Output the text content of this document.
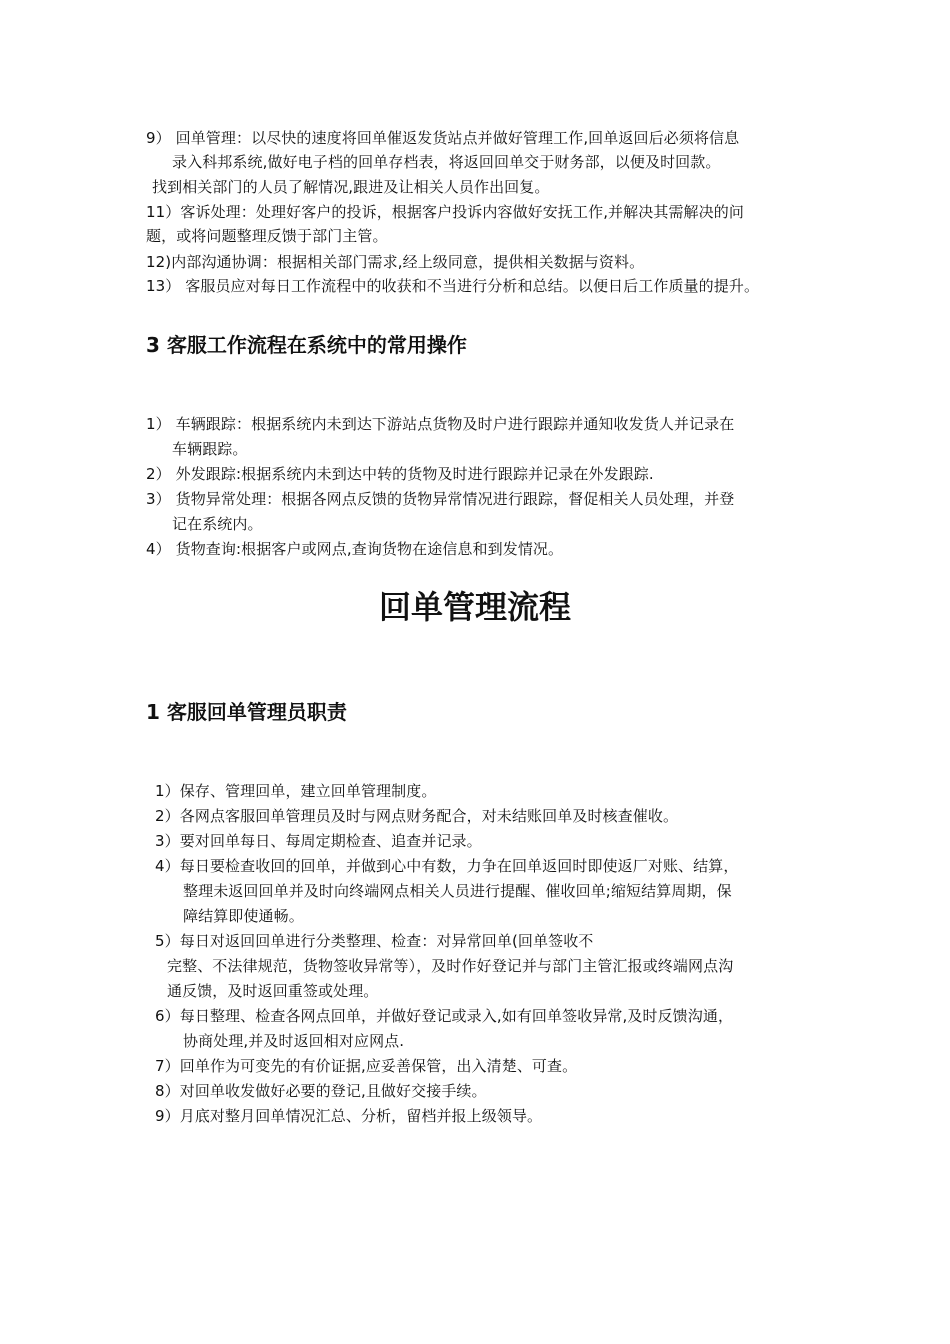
9） 回单管理：以尽快的速度将回单催返发货站点并做好管理工作,回单返回后必须将信息
录入科邦系统,做好电子档的回单存档表，将返回回单交于财务部，以便及时回款。
找到相关部门的人员了解情况,跟进及让相关人员作出回复。
11）客诉处理：处理好客户的投诉，根据客户投诉内容做好安抚工作,并解决其需解决的问
题，或将问题整理反馈于部门主管。
12)内部沟通协调：根据相关部门需求,经上级同意，提供相关数据与资料。
13） 客服员应对每日工作流程中的收获和不当进行分析和总结。以便日后工作质量的提升。
3 客服工作流程在系统中的常用操作
1） 车辆跟踪：根据系统内未到达下游站点货物及时户进行跟踪并通知收发货人并记录在
车辆跟踪。
2） 外发跟踪:根据系统内未到达中转的货物及时进行跟踪并记录在外发跟踪.
3） 货物异常处理：根据各网点反馈的货物异常情况进行跟踪，督促相关人员处理，并登
记在系统内。
4） 货物查询:根据客户或网点,查询货物在途信息和到发情况。
回单管理流程
1 客服回单管理员职责
1）保存、管理回单，建立回单管理制度。
2）各网点客服回单管理员及时与网点财务配合，对未结账回单及时核查催收。
3）要对回单每日、每周定期检查、追查并记录。
4）每日要检查收回的回单，并做到心中有数，力争在回单返回时即使返厂对账、结算，
整理未返回回单并及时向终端网点相关人员进行提醒、催收回单;缩短结算周期，保
障结算即使通畅。
5）每日对返回回单进行分类整理、检查：对异常回单(回单签收不
完整、不法律规范，货物签收异常等），及时作好登记并与部门主管汇报或终端网点沟
通反馈，及时返回重签或处理。
6）每日整理、检查各网点回单，并做好登记或录入,如有回单签收异常,及时反馈沟通，
协商处理,并及时返回相对应网点.
7）回单作为可变先的有价证据,应妥善保管，出入清楚、可查。
8）对回单收发做好必要的登记,且做好交接手续。
9）月底对整月回单情况汇总、分析，留档并报上级领导。
